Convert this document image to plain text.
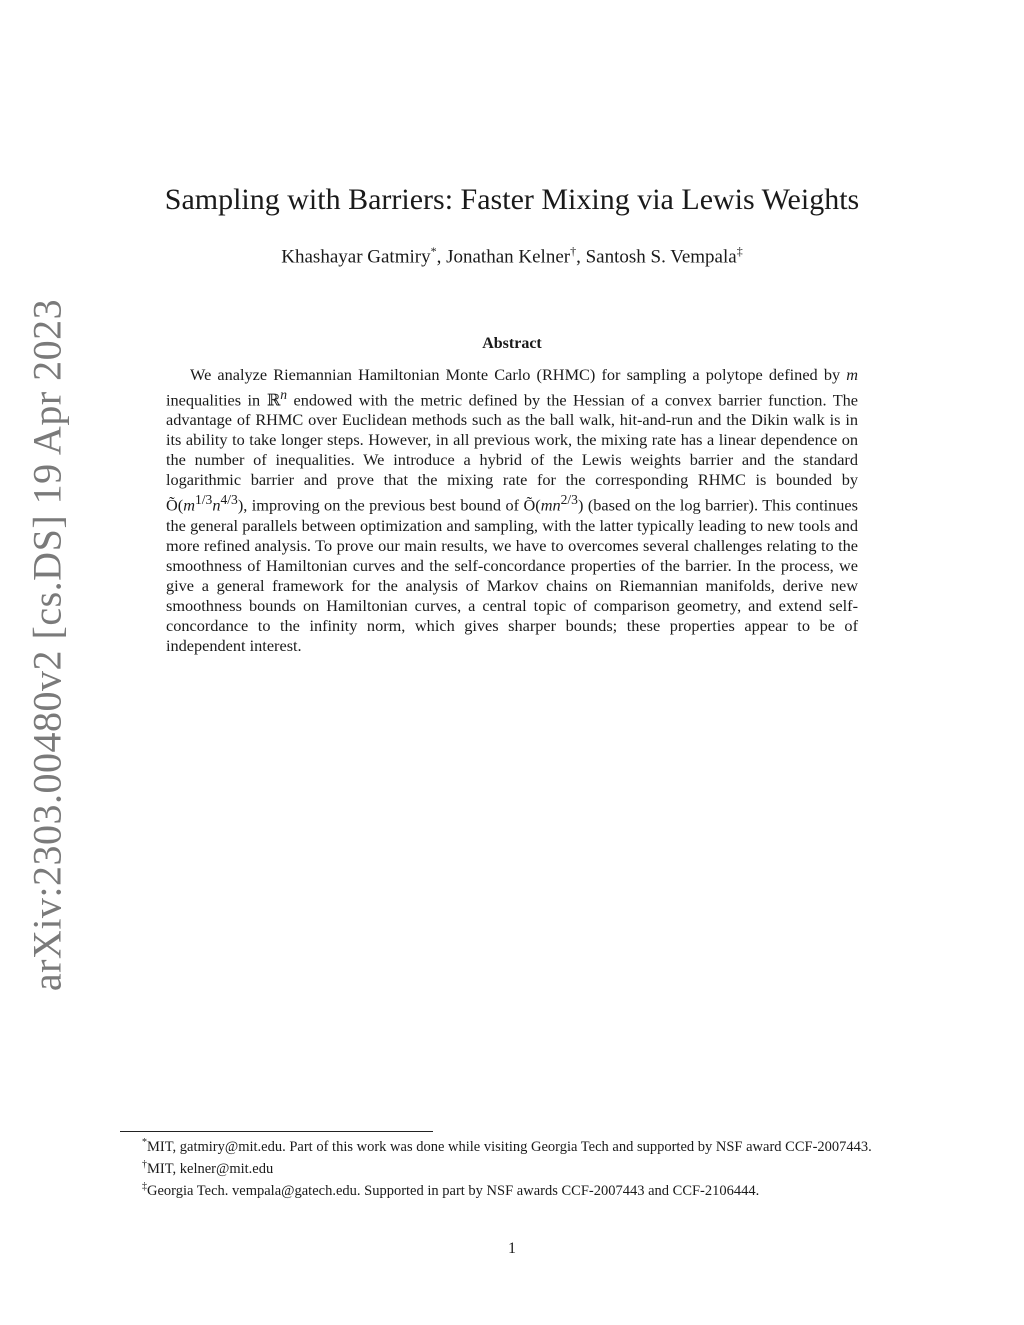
arXiv:2303.00480v2 [cs.DS] 19 Apr 2023
Sampling with Barriers: Faster Mixing via Lewis Weights
Khashayar Gatmiry*, Jonathan Kelner†, Santosh S. Vempala‡
Abstract

We analyze Riemannian Hamiltonian Monte Carlo (RHMC) for sampling a polytope defined by m inequalities in ℝ$^n$ endowed with the metric defined by the Hessian of a convex barrier function. The advantage of RHMC over Euclidean methods such as the ball walk, hit-and-run and the Dikin walk is in its ability to take longer steps. However, in all previous work, the mixing rate has a linear dependence on the number of inequalities. We introduce a hybrid of the Lewis weights barrier and the standard logarithmic barrier and prove that the mixing rate for the corresponding RHMC is bounded by $Õ(m^{1/3}n^{4/3})$, improving on the previous best bound of $Õ(mn^{2/3})$ (based on the log barrier). This continues the general parallels between optimization and sampling, with the latter typically leading to new tools and more refined analysis. To prove our main results, we have to overcomes several challenges relating to the smoothness of Hamiltonian curves and the self-concordance properties of the barrier. In the process, we give a general framework for the analysis of Markov chains on Riemannian manifolds, derive new smoothness bounds on Hamiltonian curves, a central topic of comparison geometry, and extend self-concordance to the infinity norm, which gives sharper bounds; these properties appear to be of independent interest.

*MIT, gatmiry@mit.edu. Part of this work was done while visiting Georgia Tech and supported by NSF award CCF-2007443.

†MIT, kelner@mit.edu

‡Georgia Tech. vempala@gatech.edu. Supported in part by NSF awards CCF-2007443 and CCF-2106444.

1
